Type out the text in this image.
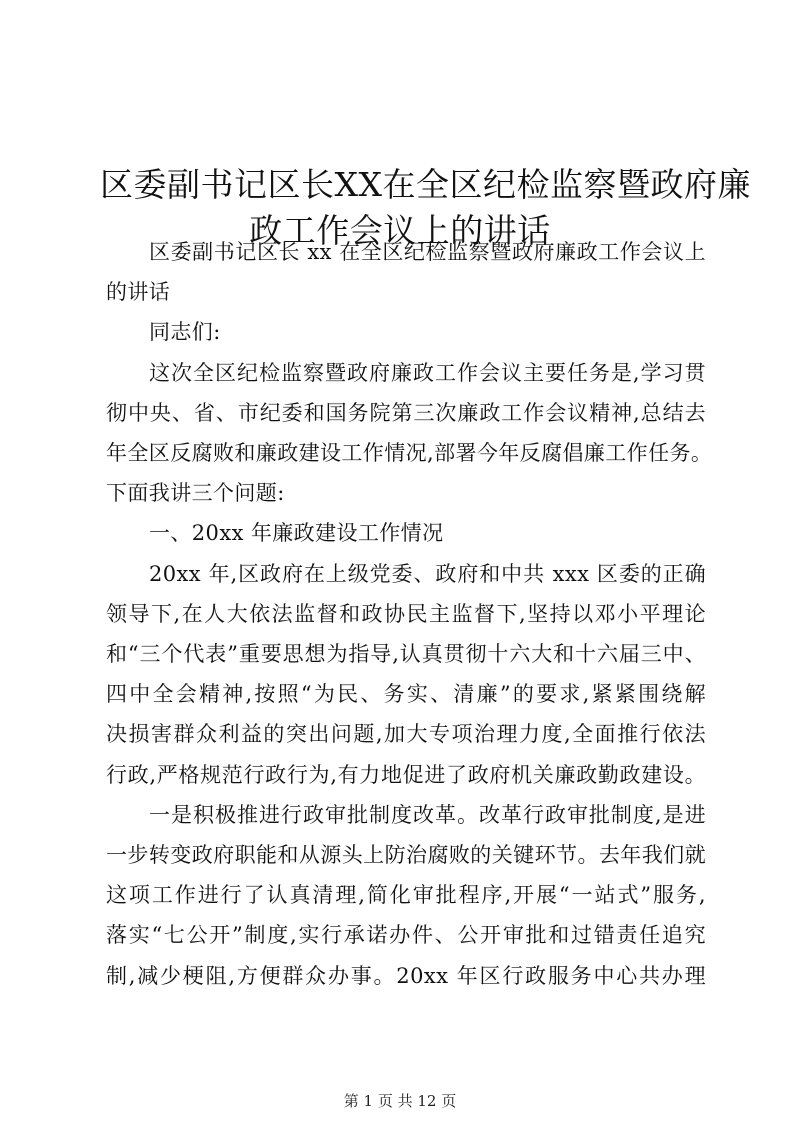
区委副书记区长XX在全区纪检监察暨政府廉
政工作会议上的讲话

区委副书记区长 xx 在全区纪检监察暨政府廉政工作会议上

的讲话

同志们:

这次全区纪检监察暨政府廉政工作会议主要任务是,学习贯

彻中央、省、市纪委和国务院第三次廉政工作会议精神,总结去

年全区反腐败和廉政建设工作情况,部署今年反腐倡廉工作任务。

下面我讲三个问题:

一、20xx 年廉政建设工作情况

20xx 年,区政府在上级党委、政府和中共 xxx 区委的正确

领导下,在人大依法监督和政协民主监督下,坚持以邓小平理论

和“三个代表”重要思想为指导,认真贯彻十六大和十六届三中、

四中全会精神,按照“为民、务实、清廉”的要求,紧紧围绕解

决损害群众利益的突出问题,加大专项治理力度,全面推行依法

行政,严格规范行政行为,有力地促进了政府机关廉政勤政建设。

一是积极推进行政审批制度改革。改革行政审批制度,是进

一步转变政府职能和从源头上防治腐败的关键环节。去年我们就

这项工作进行了认真清理,简化审批程序,开展“一站式”服务,

落实“七公开”制度,实行承诺办件、公开审批和过错责任追究

制,减少梗阻,方便群众办事。20xx 年区行政服务中心共办理

第 1 页 共 12 页
